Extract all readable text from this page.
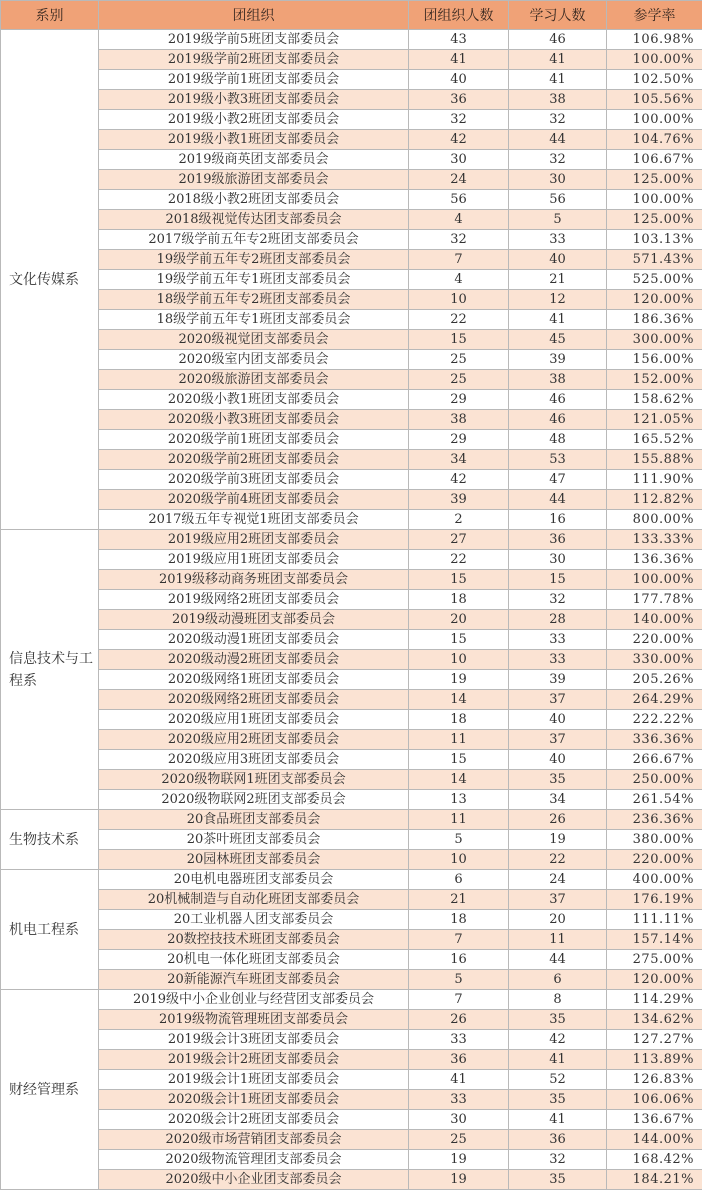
系别	团组织	团组织人数	学习人数	参学率
文化传媒系	2019级学前5班团支部委员会	43	46	106.98%
	2019级学前2班团支部委员会	41	41	100.00%
	2019级学前1班团支部委员会	40	41	102.50%
	2019级小教3班团支部委员会	36	38	105.56%
	2019级小教2班团支部委员会	32	32	100.00%
	2019级小教1班团支部委员会	42	44	104.76%
	2019级商英团支部委员会	30	32	106.67%
	2019级旅游团支部委员会	24	30	125.00%
	2018级小教2班团支部委员会	56	56	100.00%
	2018级视觉传达团支部委员会	4	5	125.00%
	2017级学前五年专2班团支部委员会	32	33	103.13%
	19级学前五年专2班团支部委员会	7	40	571.43%
	19级学前五年专1班团支部委员会	4	21	525.00%
	18级学前五年专2班团支部委员会	10	12	120.00%
	18级学前五年专1班团支部委员会	22	41	186.36%
	2020级视觉团支部委员会	15	45	300.00%
	2020级室内团支部委员会	25	39	156.00%
	2020级旅游团支部委员会	25	38	152.00%
	2020级小教1班团支部委员会	29	46	158.62%
	2020级小教3班团支部委员会	38	46	121.05%
	2020级学前1班团支部委员会	29	48	165.52%
	2020级学前2班团支部委员会	34	53	155.88%
	2020级学前3班团支部委员会	42	47	111.90%
	2020级学前4班团支部委员会	39	44	112.82%
	2017级五年专视觉1班团支部委员会	2	16	800.00%
信息技术与工程系	2019级应用2班团支部委员会	27	36	133.33%
	2019级应用1班团支部委员会	22	30	136.36%
	2019级移动商务班团支部委员会	15	15	100.00%
	2019级网络2班团支部委员会	18	32	177.78%
	2019级动漫班团支部委员会	20	28	140.00%
	2020级动漫1班团支部委员会	15	33	220.00%
	2020级动漫2班团支部委员会	10	33	330.00%
	2020级网络1班团支部委员会	19	39	205.26%
	2020级网络2班团支部委员会	14	37	264.29%
	2020级应用1班团支部委员会	18	40	222.22%
	2020级应用2班团支部委员会	11	37	336.36%
	2020级应用3班团支部委员会	15	40	266.67%
	2020级物联网1班团支部委员会	14	35	250.00%
	2020级物联网2班团支部委员会	13	34	261.54%
生物技术系	20食品班团支部委员会	11	26	236.36%
	20茶叶班团支部委员会	5	19	380.00%
	20园林班团支部委员会	10	22	220.00%
机电工程系	20电机电器班团支部委员会	6	24	400.00%
	20机械制造与自动化班团支部委员会	21	37	176.19%
	20工业机器人团支部委员会	18	20	111.11%
	20数控技技术班团支部委员会	7	11	157.14%
	20机电一体化班团支部委员会	16	44	275.00%
	20新能源汽车班团支部委员会	5	6	120.00%
财经管理系	2019级中小企业创业与经营团支部委员会	7	8	114.29%
	2019级物流管理班团支部委员会	26	35	134.62%
	2019级会计3班团支部委员会	33	42	127.27%
	2019级会计2班团支部委员会	36	41	113.89%
	2019级会计1班团支部委员会	41	52	126.83%
	2020级会计1班团支部委员会	33	35	106.06%
	2020级会计2班团支部委员会	30	41	136.67%
	2020级市场营销团支部委员会	25	36	144.00%
	2020级物流管理团支部委员会	19	32	168.42%
	2020级中小企业团支部委员会	19	35	184.21%
